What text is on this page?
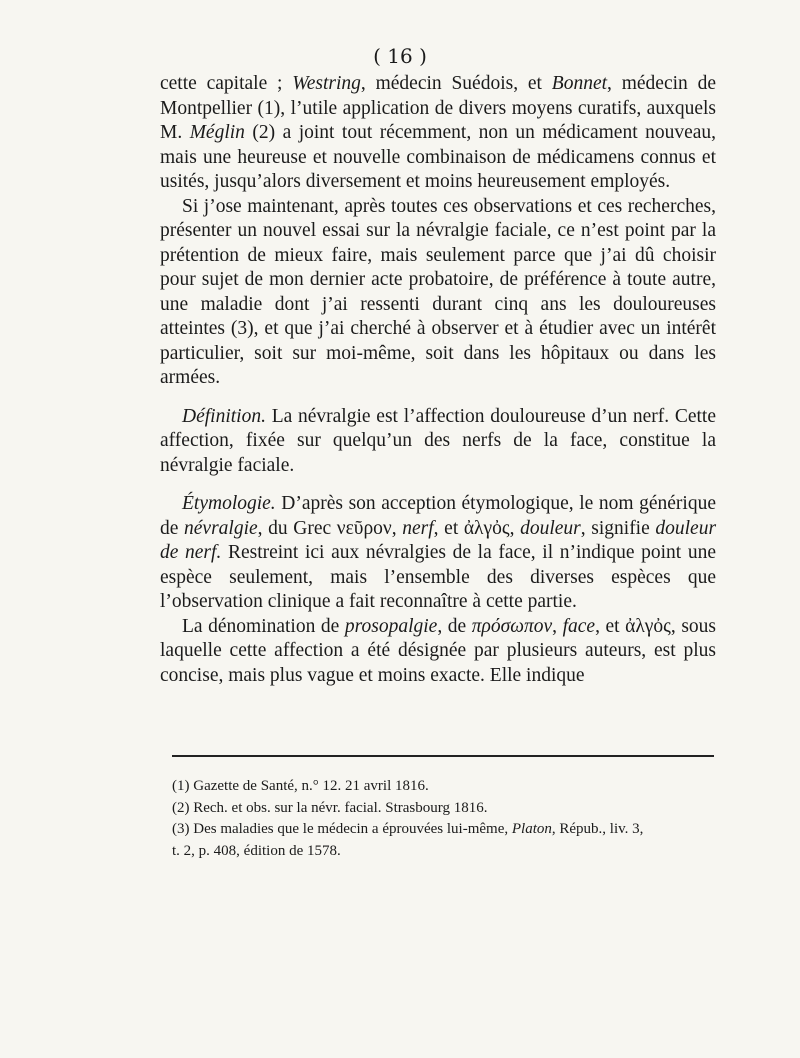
( 16 )

cette capitale ; Westring, médecin Suédois, et Bonnet, médecin de Montpellier (1), l’utile application de divers moyens curatifs, auxquels M. Méglin (2) a joint tout récemment, non un médicament nouveau, mais une heureuse et nouvelle combinaison de médicamens connus et usités, jusqu’alors diversement et moins heureusement employés.

Si j’ose maintenant, après toutes ces observations et ces recherches, présenter un nouvel essai sur la névralgie faciale, ce n’est point par la prétention de mieux faire, mais seulement parce que j’ai dû choisir pour sujet de mon dernier acte probatoire, de préférence à toute autre, une maladie dont j’ai ressenti durant cinq ans les douloureuses atteintes (3), et que j’ai cherché à observer et à étudier avec un intérêt particulier, soit sur moi-même, soit dans les hôpitaux ou dans les armées.

Définition. La névralgie est l’affection douloureuse d’un nerf. Cette affection, fixée sur quelqu’un des nerfs de la face, constitue la névralgie faciale.

Étymologie. D’après son acception étymologique, le nom générique de névralgie, du Grec νεῦρον, nerf, et ἀλγὀς, douleur, signifie douleur de nerf. Restreint ici aux névralgies de la face, il n’indique point une espèce seulement, mais l’ensemble des diverses espèces que l’observation clinique a fait reconnaître à cette partie.

La dénomination de prosopalgie, de πρόσωπον, face, et ἀλγὀς, sous laquelle cette affection a été désignée par plusieurs auteurs, est plus concise, mais plus vague et moins exacte. Elle indique

(1) Gazette de Santé, n.° 12. 21 avril 1816.

(2) Rech. et obs. sur la névr. facial. Strasbourg 1816.

(3) Des maladies que le médecin a éprouvées lui-même, Platon, Répub., liv. 3,

t. 2, p. 408, édition de 1578.
